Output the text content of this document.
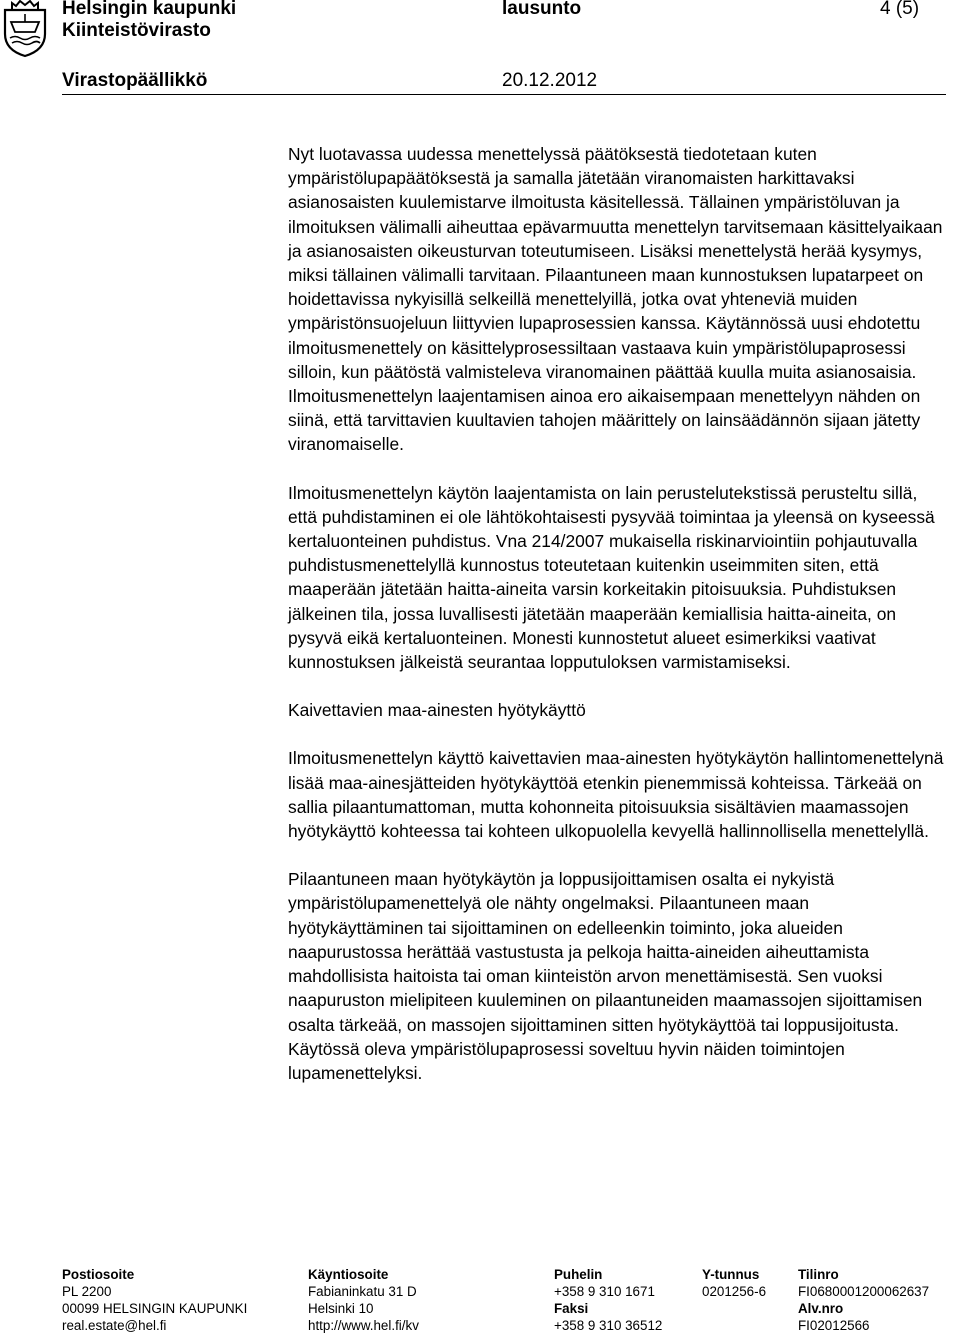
Helsingin kaupunki
Kiinteistövirasto
lausunto	4 (5)
Virastopäällikkö	20.12.2012

Nyt luotavassa uudessa menettelyssä päätöksestä tiedotetaan kuten ympäristölupapäätöksestä ja samalla jätetään viranomaisten harkittavaksi asianosaisten kuulemistarve ilmoitusta käsitellessä. Tällainen ympäristöluvan ja ilmoituksen välimalli aiheuttaa epävarmuutta menettelyn tarvitsemaan käsittelyaikaan ja asianosaisten oikeusturvan toteutumiseen. Lisäksi menettelystä herää kysymys, miksi tällainen välimalli tarvitaan. Pilaantuneen maan kunnostuksen lupatarpeet on hoidettavissa nykyisillä selkeillä menettelyillä, jotka ovat yhteneviä muiden ympäristönsuojeluun liittyvien lupaprosessien kanssa. Käytännössä uusi ehdotettu ilmoitusmenettely on käsittelyprosessiltaan vastaava kuin ympäristölupaprosessi silloin, kun päätöstä valmisteleva viranomainen päättää kuulla muita asianosaisia. Ilmoitusmenettelyn laajentamisen ainoa ero aikaisempaan menettelyyn nähden on siinä, että tarvittavien kuultavien tahojen määrittely on lainsäädännön sijaan jätetty viranomaiselle.

Ilmoitusmenettelyn käytön laajentamista on lain perustelutekstissä perusteltu sillä, että puhdistaminen ei ole lähtökohtaisesti pysyvää toimintaa ja yleensä on kyseessä kertaluonteinen puhdistus. Vna 214/2007 mukaisella riskinarviointiin pohjautuvalla puhdistusmenettelyllä kunnostus toteutetaan kuitenkin useimmiten siten, että maaperään jätetään haitta-aineita varsin korkeitakin pitoisuuksia. Puhdistuksen jälkeinen tila, jossa luvallisesti jätetään maaperään kemiallisia haitta-aineita, on pysyvä eikä kertaluonteinen. Monesti kunnostetut alueet esimerkiksi vaativat kunnostuksen jälkeistä seurantaa lopputuloksen varmistamiseksi.

Kaivettavien maa-ainesten hyötykäyttö

Ilmoitusmenettelyn käyttö kaivettavien maa-ainesten hyötykäytön hallintomenettelynä lisää maa-ainesjätteiden hyötykäyttöä etenkin pienemmissä kohteissa. Tärkeää on sallia pilaantumattoman, mutta kohonneita pitoisuuksia sisältävien maamassojen hyötykäyttö kohteessa tai kohteen ulkopuolella kevyellä hallinnollisella menettelyllä.

Pilaantuneen maan hyötykäytön ja loppusijoittamisen osalta ei nykyistä ympäristölupamenettelyä ole nähty ongelmaksi. Pilaantuneen maan hyötykäyttäminen tai sijoittaminen on edelleenkin toiminto, joka alueiden naapurustossa herättää vastustusta ja pelkoja haitta-aineiden aiheuttamista mahdollisista haitoista tai oman kiinteistön arvon menettämisestä. Sen vuoksi naapuruston mielipiteen kuuleminen on pilaantuneiden maamassojen sijoittamisen osalta tärkeää, on massojen sijoittaminen sitten hyötykäyttöä tai loppusijoitusta. Käytössä oleva ympäristölupaprosessi soveltuu hyvin näiden toimintojen lupamenettelyksi.

Postiosoite
PL 2200
00099 HELSINGIN KAUPUNKI
real.estate@hel.fi
Käyntiosoite
Fabianinkatu 31 D
Helsinki 10
http://www.hel.fi/kv
Puhelin
+358 9 310 1671
Faksi
+358 9 310 36512
Y-tunnus
0201256-6
Tilinro
FI0680001200062637
Alv.nro
FI02012566
